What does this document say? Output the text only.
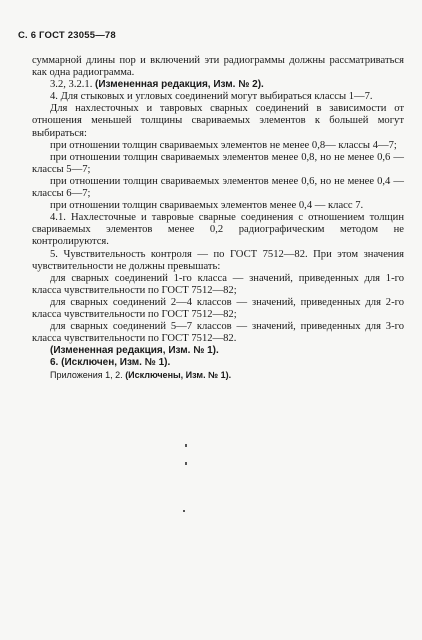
С. 6 ГОСТ 23055—78

суммарной длины пор и включений эти радиограммы должны рассматриваться как одна радиограмма.

3.2, 3.2.1. (Измененная редакция, Изм. № 2).

4. Для стыковых и угловых соединений могут выбираться классы 1—7.

Для нахлесточных и тавровых сварных соединений в зависимости от отношения меньшей толщины свариваемых элементов к большей могут выбираться:

при отношении толщин свариваемых элементов не менее 0,8— классы 4—7;

при отношении толщин свариваемых элементов менее 0,8, но не менее 0,6 — классы 5—7;

при отношении толщин свариваемых элементов менее 0,6, но не менее 0,4 — классы 6—7;

при отношении толщин свариваемых элементов менее 0,4 — класс 7.

4.1. Нахлесточные и тавровые сварные соединения с отношением толщин свариваемых элементов менее 0,2 радиографическим методом не контролируются.

5. Чувствительность контроля — по ГОСТ 7512—82. При этом значения чувствительности не должны превышать:

для сварных соединений 1-го класса — значений, приведенных для 1-го класса чувствительности по ГОСТ 7512—82;

для сварных соединений 2—4 классов — значений, приведенных для 2-го класса чувствительности по ГОСТ 7512—82;

для сварных соединений 5—7 классов — значений, приведенных для 3-го класса чувствительности по ГОСТ 7512—82.

(Измененная редакция, Изм. № 1).

6. (Исключен, Изм. № 1).

Приложения 1, 2. (Исключены, Изм. № 1).
